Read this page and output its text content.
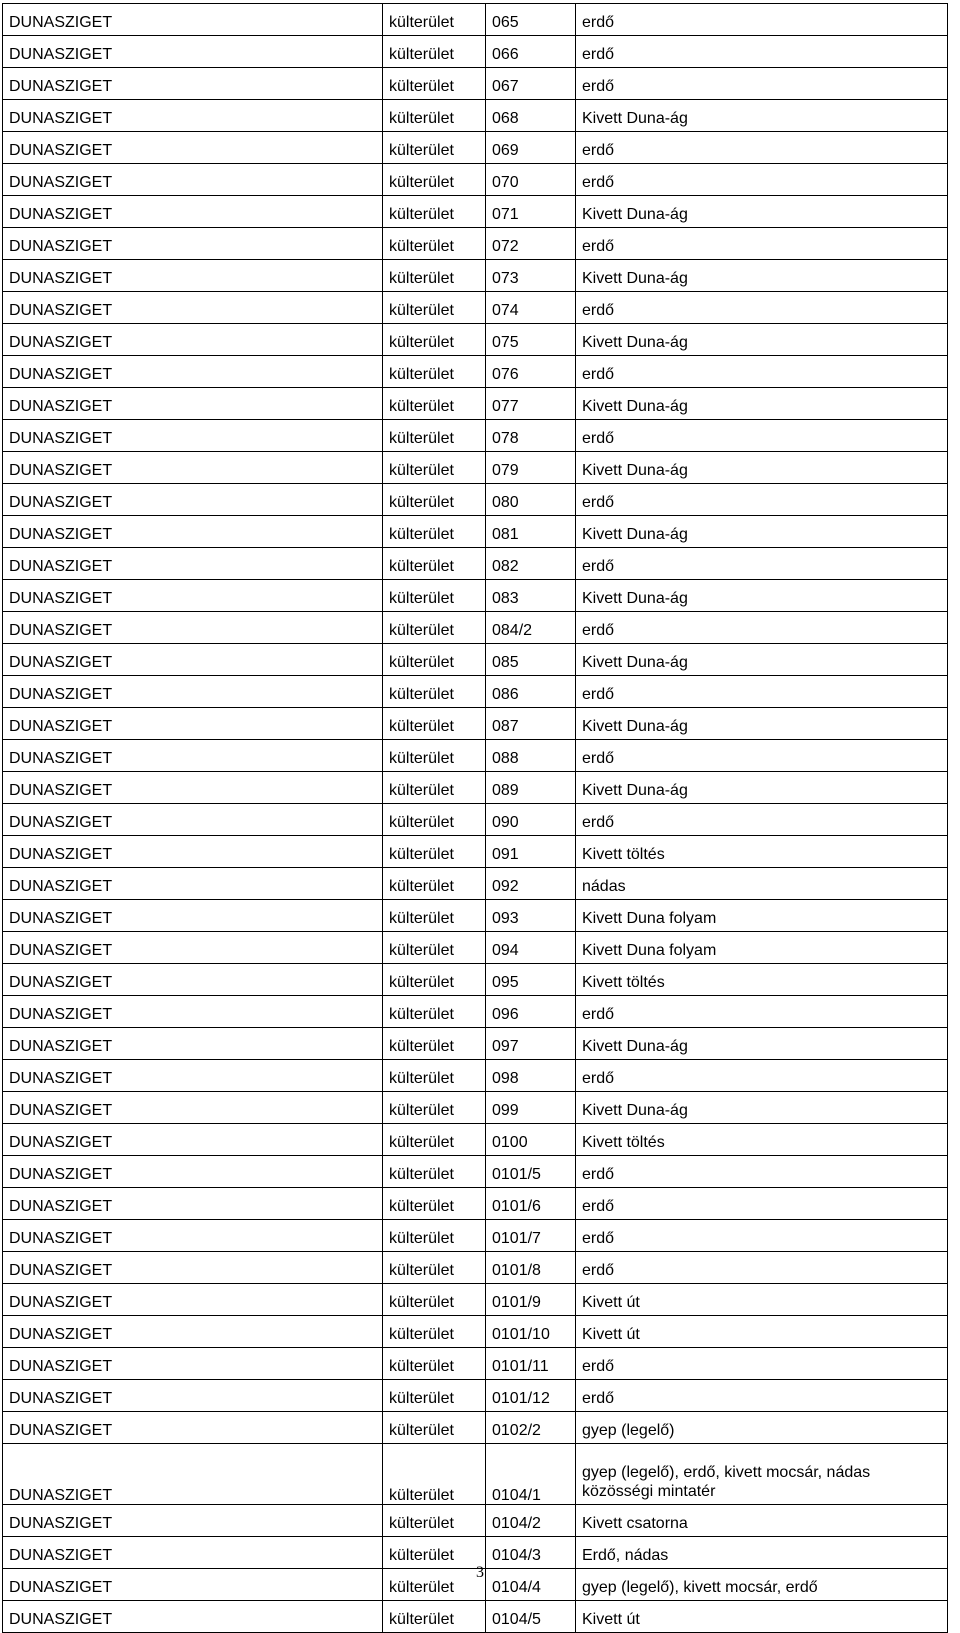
DUNASZIGET	külterület	065	erdő
DUNASZIGET	külterület	066	erdő
DUNASZIGET	külterület	067	erdő
DUNASZIGET	külterület	068	Kivett Duna-ág
DUNASZIGET	külterület	069	erdő
DUNASZIGET	külterület	070	erdő
DUNASZIGET	külterület	071	Kivett Duna-ág
DUNASZIGET	külterület	072	erdő
DUNASZIGET	külterület	073	Kivett Duna-ág
DUNASZIGET	külterület	074	erdő
DUNASZIGET	külterület	075	Kivett Duna-ág
DUNASZIGET	külterület	076	erdő
DUNASZIGET	külterület	077	Kivett Duna-ág
DUNASZIGET	külterület	078	erdő
DUNASZIGET	külterület	079	Kivett Duna-ág
DUNASZIGET	külterület	080	erdő
DUNASZIGET	külterület	081	Kivett Duna-ág
DUNASZIGET	külterület	082	erdő
DUNASZIGET	külterület	083	Kivett Duna-ág
DUNASZIGET	külterület	084/2	erdő
DUNASZIGET	külterület	085	Kivett Duna-ág
DUNASZIGET	külterület	086	erdő
DUNASZIGET	külterület	087	Kivett Duna-ág
DUNASZIGET	külterület	088	erdő
DUNASZIGET	külterület	089	Kivett Duna-ág
DUNASZIGET	külterület	090	erdő
DUNASZIGET	külterület	091	Kivett töltés
DUNASZIGET	külterület	092	nádas
DUNASZIGET	külterület	093	Kivett Duna folyam
DUNASZIGET	külterület	094	Kivett Duna folyam
DUNASZIGET	külterület	095	Kivett töltés
DUNASZIGET	külterület	096	erdő
DUNASZIGET	külterület	097	Kivett Duna-ág
DUNASZIGET	külterület	098	erdő
DUNASZIGET	külterület	099	Kivett Duna-ág
DUNASZIGET	külterület	0100	Kivett töltés
DUNASZIGET	külterület	0101/5	erdő
DUNASZIGET	külterület	0101/6	erdő
DUNASZIGET	külterület	0101/7	erdő
DUNASZIGET	külterület	0101/8	erdő
DUNASZIGET	külterület	0101/9	Kivett út
DUNASZIGET	külterület	0101/10	Kivett út
DUNASZIGET	külterület	0101/11	erdő
DUNASZIGET	külterület	0101/12	erdő
DUNASZIGET	külterület	0102/2	gyep (legelő)
DUNASZIGET	külterület	0104/1	gyep (legelő), erdő, kivett mocsár, nádas
közösségi mintatér

DUNASZIGET	külterület	0104/2	Kivett csatorna
DUNASZIGET	külterület	0104/3	Erdő, nádas
DUNASZIGET	külterület	0104/4	gyep (legelő), kivett mocsár, erdő
DUNASZIGET	külterület	0104/5	Kivett út
3
